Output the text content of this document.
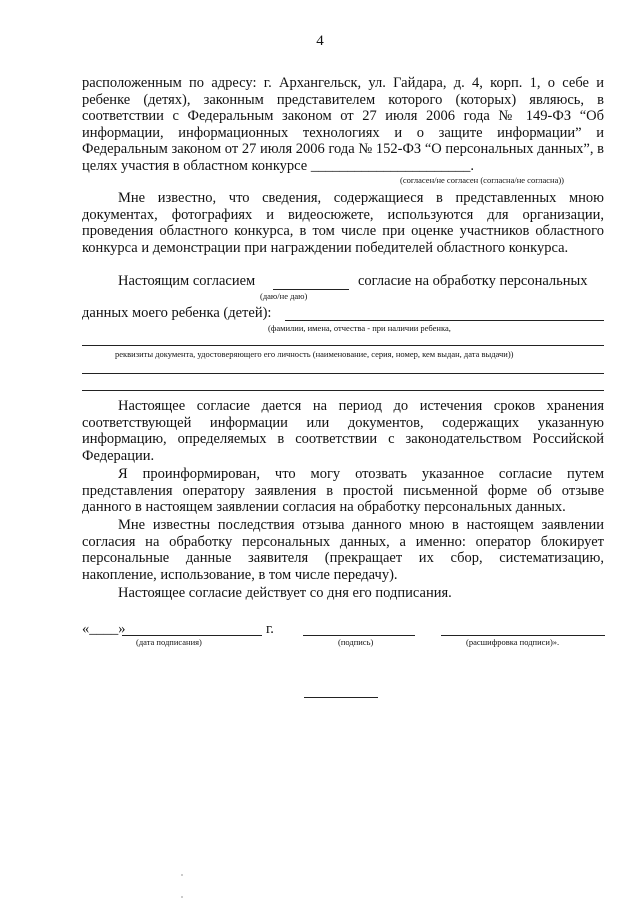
4
расположенным по адресу: г. Архангельск, ул. Гайдара, д. 4, корп. 1, о себе и ребенке (детях), законным представителем которого (которых) являюсь, в соответствии с Федеральным законом от 27 июля 2006 года № 149-ФЗ “Об информации, информационных технологиях и о защите информации” и Федеральным законом от 27 июля 2006 года № 152-ФЗ “О персональных данных”, в целях участия в областном конкурсе ______________________.
(согласен/не согласен (согласна/не согласна))
Мне известно, что сведения, содержащиеся в представленных мною документах, фотографиях и видеосюжете, используются для организации, проведения областного конкурса, в том числе при оценке участников областного конкурса и демонстрации при награждении победителей областного конкурса.
Настоящим согласием	согласие на обработку персональных
(даю/не даю)
данных моего ребенка (детей):
(фамилии, имена, отчества - при наличии ребенка,
реквизиты документа, удостоверяющего его личность (наименование, серия, номер, кем выдан, дата выдачи))
Настоящее согласие дается на период до истечения сроков хранения соответствующей информации или документов, содержащих указанную информацию, определяемых в соответствии с законодательством Российской Федерации.
Я проинформирован, что могу отозвать указанное согласие путем представления оператору заявления в простой письменной форме об отзыве данного в настоящем заявлении согласия на обработку персональных данных.
Мне известны последствия отзыва данного мною в настоящем заявлении согласия на обработку персональных данных, а именно: оператор блокирует персональные данные заявителя (прекращает их сбор, систематизацию, накопление, использование, в том числе передачу).
Настоящее согласие действует со дня его подписания.
«____»	г.
(дата подписания)	(подпись)	(расшифровка подписи)».
